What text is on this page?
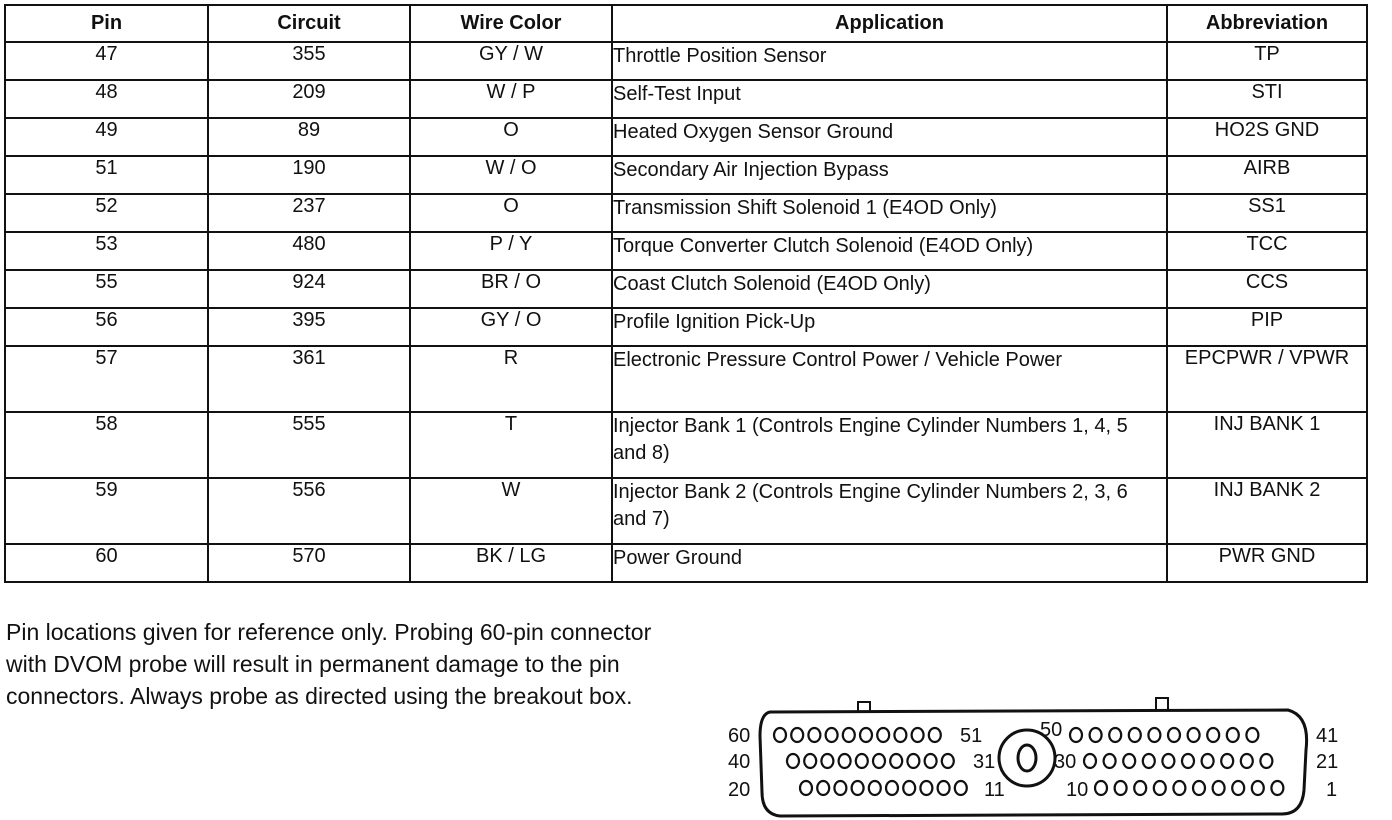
Pin	Circuit	Wire Color	Application	Abbreviation
47	355	GY / W	Throttle Position Sensor	TP
48	209	W / P	Self-Test Input	STI
49	89	O	Heated Oxygen Sensor Ground	HO2S GND
51	190	W / O	Secondary Air Injection Bypass	AIRB
52	237	O	Transmission Shift Solenoid 1 (E4OD Only)	SS1
53	480	P / Y	Torque Converter Clutch Solenoid (E4OD Only)	TCC
55	924	BR / O	Coast Clutch Solenoid (E4OD Only)	CCS
56	395	GY / O	Profile Ignition Pick-Up	PIP
57	361	R	Electronic Pressure Control Power / Vehicle Power	EPCPWR / VPWR
58	555	T	Injector Bank 1 (Controls Engine Cylinder Numbers 1, 4, 5 and 8)	INJ BANK 1
59	556	W	Injector Bank 2 (Controls Engine Cylinder Numbers 2, 3, 6 and 7)	INJ BANK 2
60	570	BK / LG	Power Ground	PWR GND

Pin locations given for reference only. Probing 60-pin connector with DVOM probe will result in permanent damage to the pin connectors. Always probe as directed using the breakout box.

60	51	50	41
40	31	30	21
20	11	10	1
